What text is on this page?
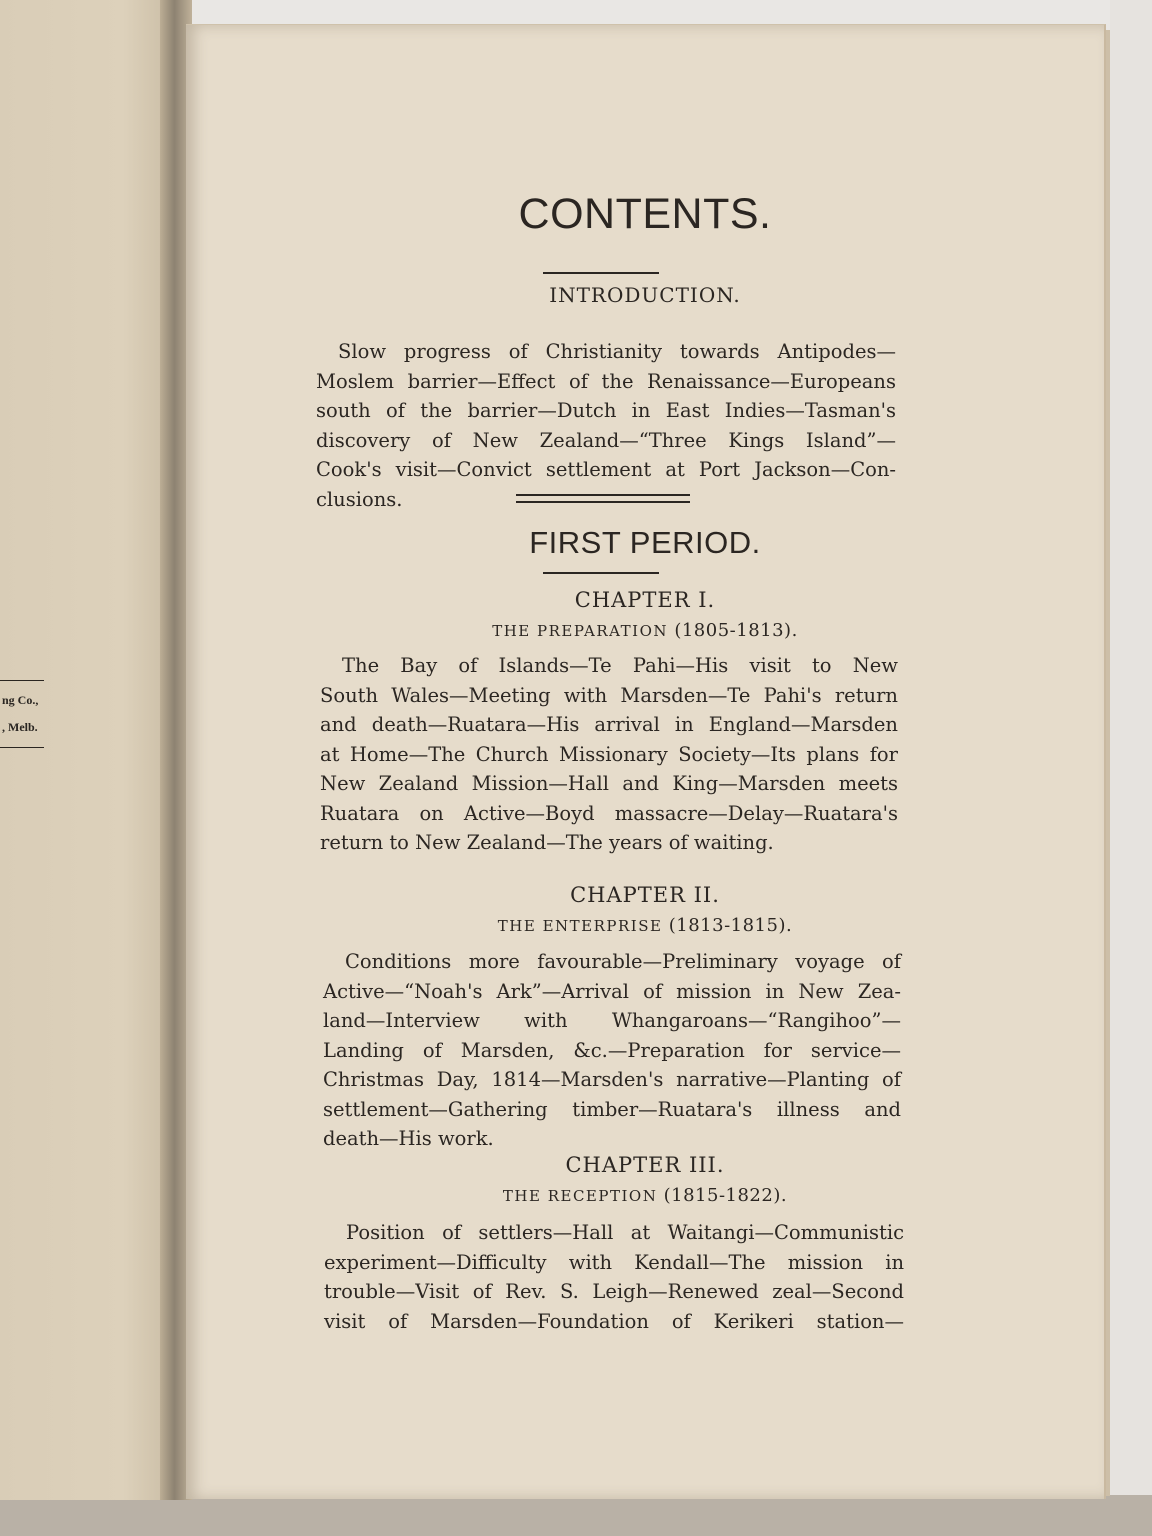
ng Co.,
, Melb.
CONTENTS.
INTRODUCTION.
Slow progress of Christianity towards Antipodes—
Moslem barrier—Effect of the Renaissance—Europeans
south of the barrier—Dutch in East Indies—Tasman's
discovery of New Zealand—“Three Kings Island”—
Cook's visit—Convict settlement at Port Jackson—Con-
clusions.
FIRST PERIOD.
CHAPTER I.
THE PREPARATION (1805-1813).
The Bay of Islands—Te Pahi—His visit to New
South Wales—Meeting with Marsden—Te Pahi's return
and death—Ruatara—His arrival in England—Marsden
at Home—The Church Missionary Society—Its plans for
New Zealand Mission—Hall and King—Marsden meets
Ruatara on Active—Boyd massacre—Delay—Ruatara's
return to New Zealand—The years of waiting.
CHAPTER II.
THE ENTERPRISE (1813-1815).
Conditions more favourable—Preliminary voyage of
Active—“Noah's Ark”—Arrival of mission in New Zea-
land—Interview with Whangaroans—“Rangihoo”—
Landing of Marsden, &c.—Preparation for service—
Christmas Day, 1814—Marsden's narrative—Planting of
settlement—Gathering timber—Ruatara's illness and
death—His work.
CHAPTER III.
THE RECEPTION (1815-1822).
Position of settlers—Hall at Waitangi—Communistic
experiment—Difficulty with Kendall—The mission in
trouble—Visit of Rev. S. Leigh—Renewed zeal—Second
visit of Marsden—Foundation of Kerikeri station—
